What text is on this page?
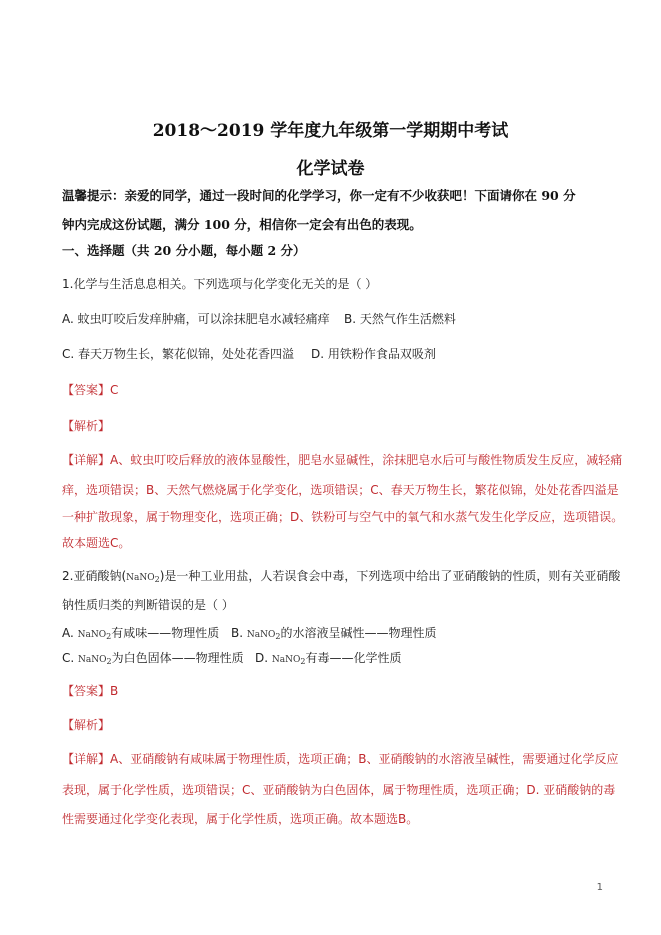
2018～2019 学年度九年级第一学期期中考试
化学试卷
温馨提示：亲爱的同学，通过一段时间的化学学习，你一定有不少收获吧！下面请你在 90 分
钟内完成这份试题，满分 100 分，相信你一定会有出色的表现。
一、选择题（共 20 分小题，每小题 2 分）
1.化学与生活息息相关。下列选项与化学变化无关的是（ ）
A. 蚊虫叮咬后发痒肿痛，可以涂抹肥皂水减轻痛痒 B. 天然气作生活燃料
C. 春天万物生长，繁花似锦，处处花香四溢 D. 用铁粉作食品双吸剂
【答案】C
【解析】
【详解】A、蚊虫叮咬后释放的液体显酸性，肥皂水显碱性，涂抹肥皂水后可与酸性物质发生反应，减轻痛
痒，选项错误；B、天然气燃烧属于化学变化，选项错误；C、春天万物生长，繁花似锦，处处花香四溢是
一种扩散现象，属于物理变化，选项正确；D、铁粉可与空气中的氧气和水蒸气发生化学反应，选项错误。
故本题选C。
2.亚硝酸钠(NaNO2)是一种工业用盐，人若误食会中毒，下列选项中给出了亚硝酸钠的性质，则有关亚硝酸
钠性质归类的判断错误的是（ ）
A. NaNO2有咸味——物理性质 B. NaNO2的水溶液呈碱性——物理性质
C. NaNO2为白色固体——物理性质 D. NaNO2有毒——化学性质
【答案】B
【解析】
【详解】A、亚硝酸钠有咸味属于物理性质，选项正确；B、亚硝酸钠的水溶液呈碱性，需要通过化学反应
表现，属于化学性质，选项错误；C、亚硝酸钠为白色固体，属于物理性质，选项正确；D. 亚硝酸钠的毒
性需要通过化学变化表现，属于化学性质，选项正确。故本题选B。
1
